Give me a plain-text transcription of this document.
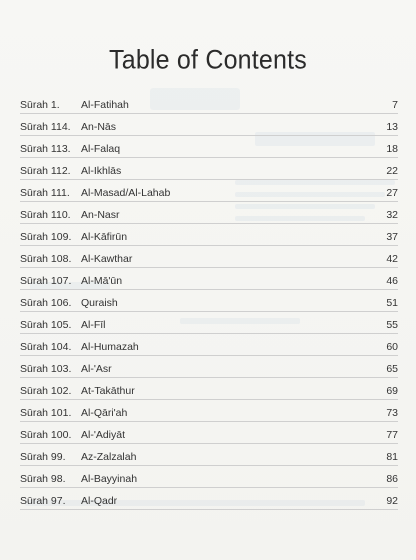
Table of Contents
Sūrah 1. Al-Fatihah	7
Sūrah 114. An-Nās	13
Sūrah 113. Al-Falaq	18
Sūrah 112. Al-Ikhlās	22
Sūrah 111. Al-Masad/Al-Lahab	27
Sūrah 110. An-Nasr	32
Sūrah 109. Al-Kāfirūn	37
Sūrah 108. Al-Kawthar	42
Sūrah 107. Al-Mā'ūn	46
Sūrah 106. Quraish	51
Sūrah 105. Al-Fīl	55
Sūrah 104. Al-Humazah	60
Sūrah 103. Al-'Asr	65
Sūrah 102. At-Takāthur	69
Sūrah 101. Al-Qāri'ah	73
Sūrah 100. Al-'Adiyāt	77
Sūrah 99. Az-Zalzalah	81
Sūrah 98. Al-Bayyinah	86
Sūrah 97. Al-Qadr	92
